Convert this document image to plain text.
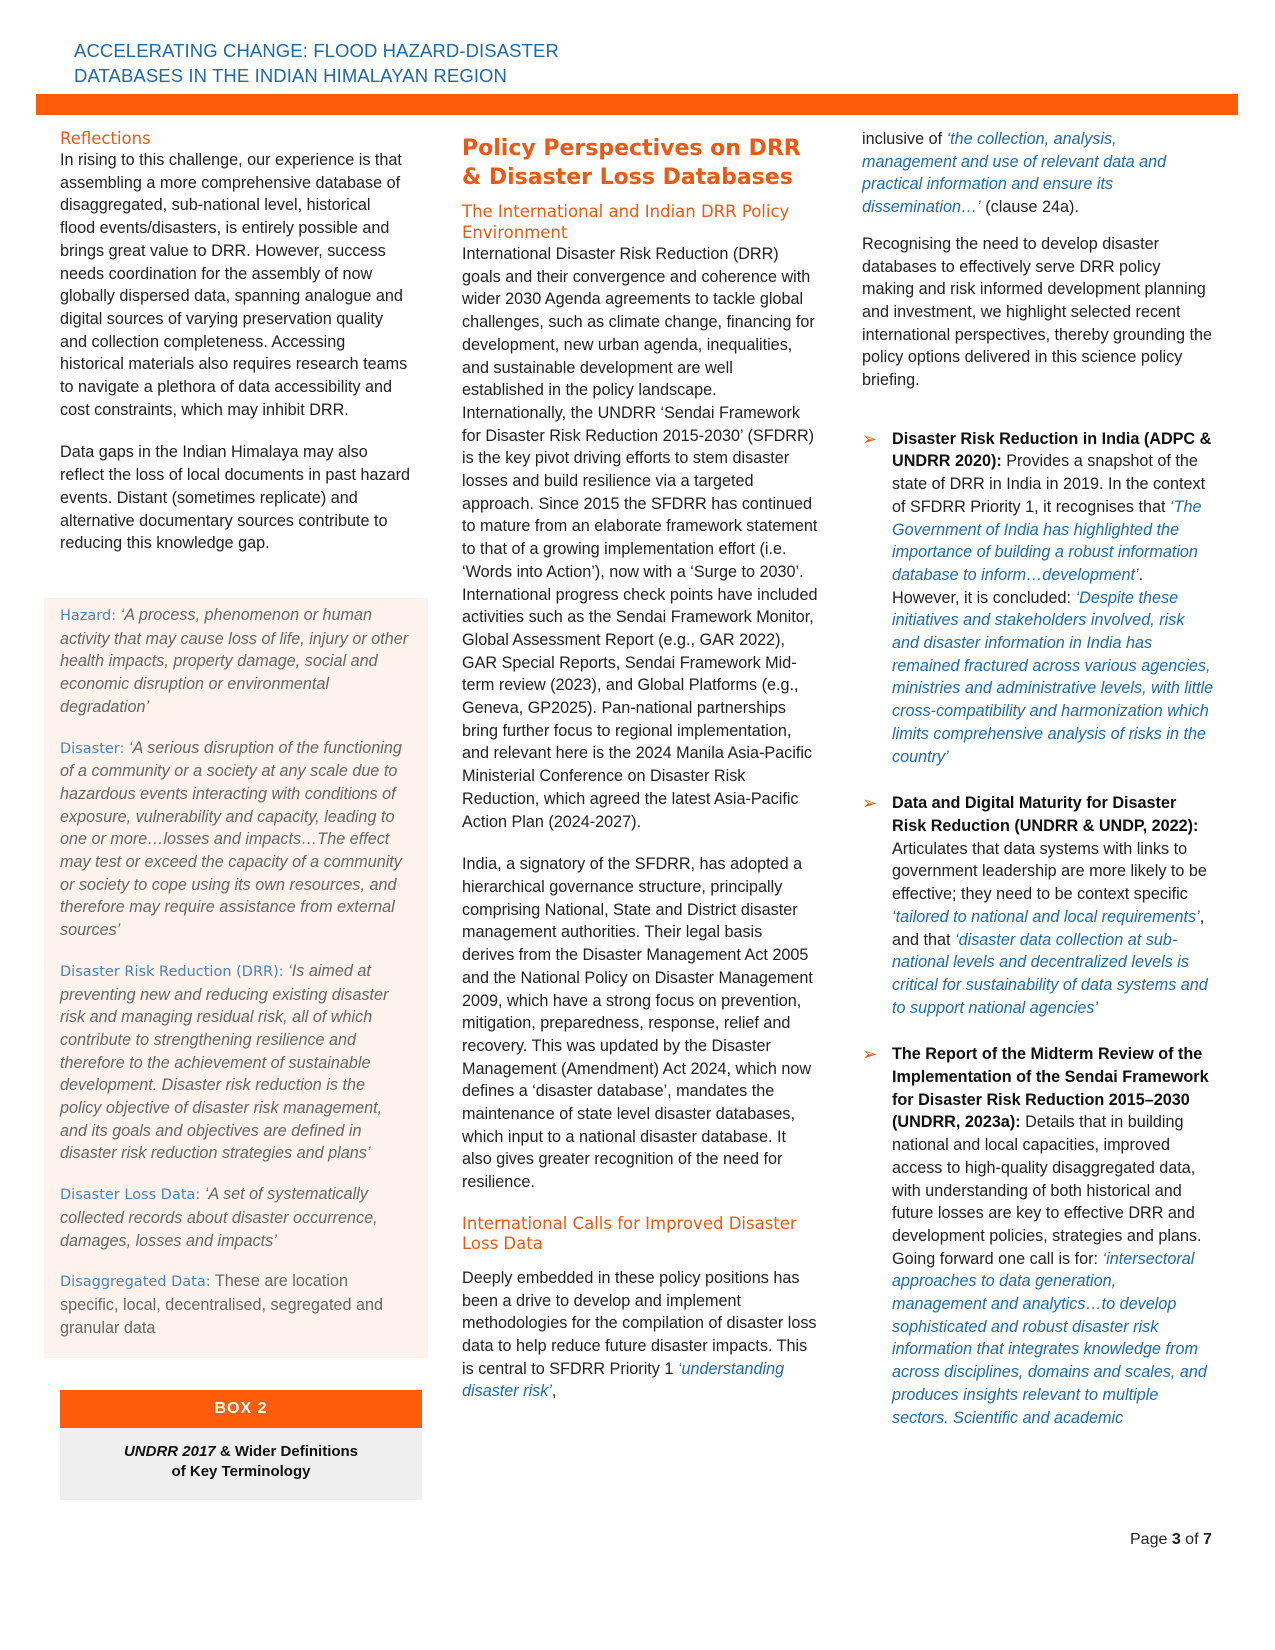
ACCELERATING CHANGE: FLOOD HAZARD-DISASTER
DATABASES IN THE INDIAN HIMALAYAN REGION
Reflections

In rising to this challenge, our experience is that assembling a more comprehensive database of disaggregated, sub-national level, historical flood events/disasters, is entirely possible and brings great value to DRR. However, success needs coordination for the assembly of now globally dispersed data, spanning analogue and digital sources of varying preservation quality and collection completeness. Accessing historical materials also requires research teams to navigate a plethora of data accessibility and cost constraints, which may inhibit DRR.

Data gaps in the Indian Himalaya may also reflect the loss of local documents in past hazard events. Distant (sometimes replicate) and alternative documentary sources contribute to reducing this knowledge gap.

Hazard: ‘A process, phenomenon or human activity that may cause loss of life, injury or other health impacts, property damage, social and economic disruption or environmental degradation’
Disaster: ‘A serious disruption of the functioning of a community or a society at any scale due to hazardous events interacting with conditions of exposure, vulnerability and capacity, leading to one or more…losses and impacts…The effect may test or exceed the capacity of a community or society to cope using its own resources, and therefore may require assistance from external sources’
Disaster Risk Reduction (DRR): ‘Is aimed at preventing new and reducing existing disaster risk and managing residual risk, all of which contribute to strengthening resilience and therefore to the achievement of sustainable development. Disaster risk reduction is the policy objective of disaster risk management, and its goals and objectives are defined in disaster risk reduction strategies and plans’
Disaster Loss Data: ‘A set of systematically collected records about disaster occurrence, damages, losses and impacts’
Disaggregated Data: These are location specific, local, decentralised, segregated and granular data
BOX 2
UNDRR 2017 & Wider Definitions
of Key Terminology
Policy Perspectives on DRR & Disaster Loss Databases
The International and Indian DRR Policy Environment

International Disaster Risk Reduction (DRR) goals and their convergence and coherence with wider 2030 Agenda agreements to tackle global challenges, such as climate change, financing for development, new urban agenda, inequalities, and sustainable development are well established in the policy landscape. Internationally, the UNDRR ‘Sendai Framework for Disaster Risk Reduction 2015-2030’ (SFDRR) is the key pivot driving efforts to stem disaster losses and build resilience via a targeted approach. Since 2015 the SFDRR has continued to mature from an elaborate framework statement to that of a growing implementation effort (i.e. ‘Words into Action’), now with a ‘Surge to 2030’. International progress check points have included activities such as the Sendai Framework Monitor, Global Assessment Report (e.g., GAR 2022), GAR Special Reports, Sendai Framework Mid-term review (2023), and Global Platforms (e.g., Geneva, GP2025). Pan-national partnerships bring further focus to regional implementation, and relevant here is the 2024 Manila Asia-Pacific Ministerial Conference on Disaster Risk Reduction, which agreed the latest Asia-Pacific Action Plan (2024-2027).

India, a signatory of the SFDRR, has adopted a hierarchical governance structure, principally comprising National, State and District disaster management authorities. Their legal basis derives from the Disaster Management Act 2005 and the National Policy on Disaster Management 2009, which have a strong focus on prevention, mitigation, preparedness, response, relief and recovery. This was updated by the Disaster Management (Amendment) Act 2024, which now defines a ‘disaster database’, mandates the maintenance of state level disaster databases, which input to a national disaster database. It also gives greater recognition of the need for resilience.

International Calls for Improved Disaster Loss Data

Deeply embedded in these policy positions has been a drive to develop and implement methodologies for the compilation of disaster loss data to help reduce future disaster impacts. This is central to SFDRR Priority 1 ‘understanding disaster risk’,

inclusive of ‘the collection, analysis, management and use of relevant data and practical information and ensure its dissemination…’ (clause 24a).

Recognising the need to develop disaster databases to effectively serve DRR policy making and risk informed development planning and investment, we highlight selected recent international perspectives, thereby grounding the policy options delivered in this science policy briefing.

➢ Disaster Risk Reduction in India (ADPC & UNDRR 2020): Provides a snapshot of the state of DRR in India in 2019. In the context of SFDRR Priority 1, it recognises that ‘The Government of India has highlighted the importance of building a robust information database to inform…development’. However, it is concluded: ‘Despite these initiatives and stakeholders involved, risk and disaster information in India has remained fractured across various agencies, ministries and administrative levels, with little cross-compatibility and harmonization which limits comprehensive analysis of risks in the country’
➢ Data and Digital Maturity for Disaster Risk Reduction (UNDRR & UNDP, 2022): Articulates that data systems with links to government leadership are more likely to be effective; they need to be context specific ‘tailored to national and local requirements’, and that ‘disaster data collection at sub-national levels and decentralized levels is critical for sustainability of data systems and to support national agencies’
➢ The Report of the Midterm Review of the Implementation of the Sendai Framework for Disaster Risk Reduction 2015–2030 (UNDRR, 2023a): Details that in building national and local capacities, improved access to high-quality disaggregated data, with understanding of both historical and future losses are key to effective DRR and development policies, strategies and plans. Going forward one call is for: ‘intersectoral approaches to data generation, management and analytics…to develop sophisticated and robust disaster risk information that integrates knowledge from across disciplines, domains and scales, and produces insights relevant to multiple sectors. Scientific and academic
Page 3 of 7
